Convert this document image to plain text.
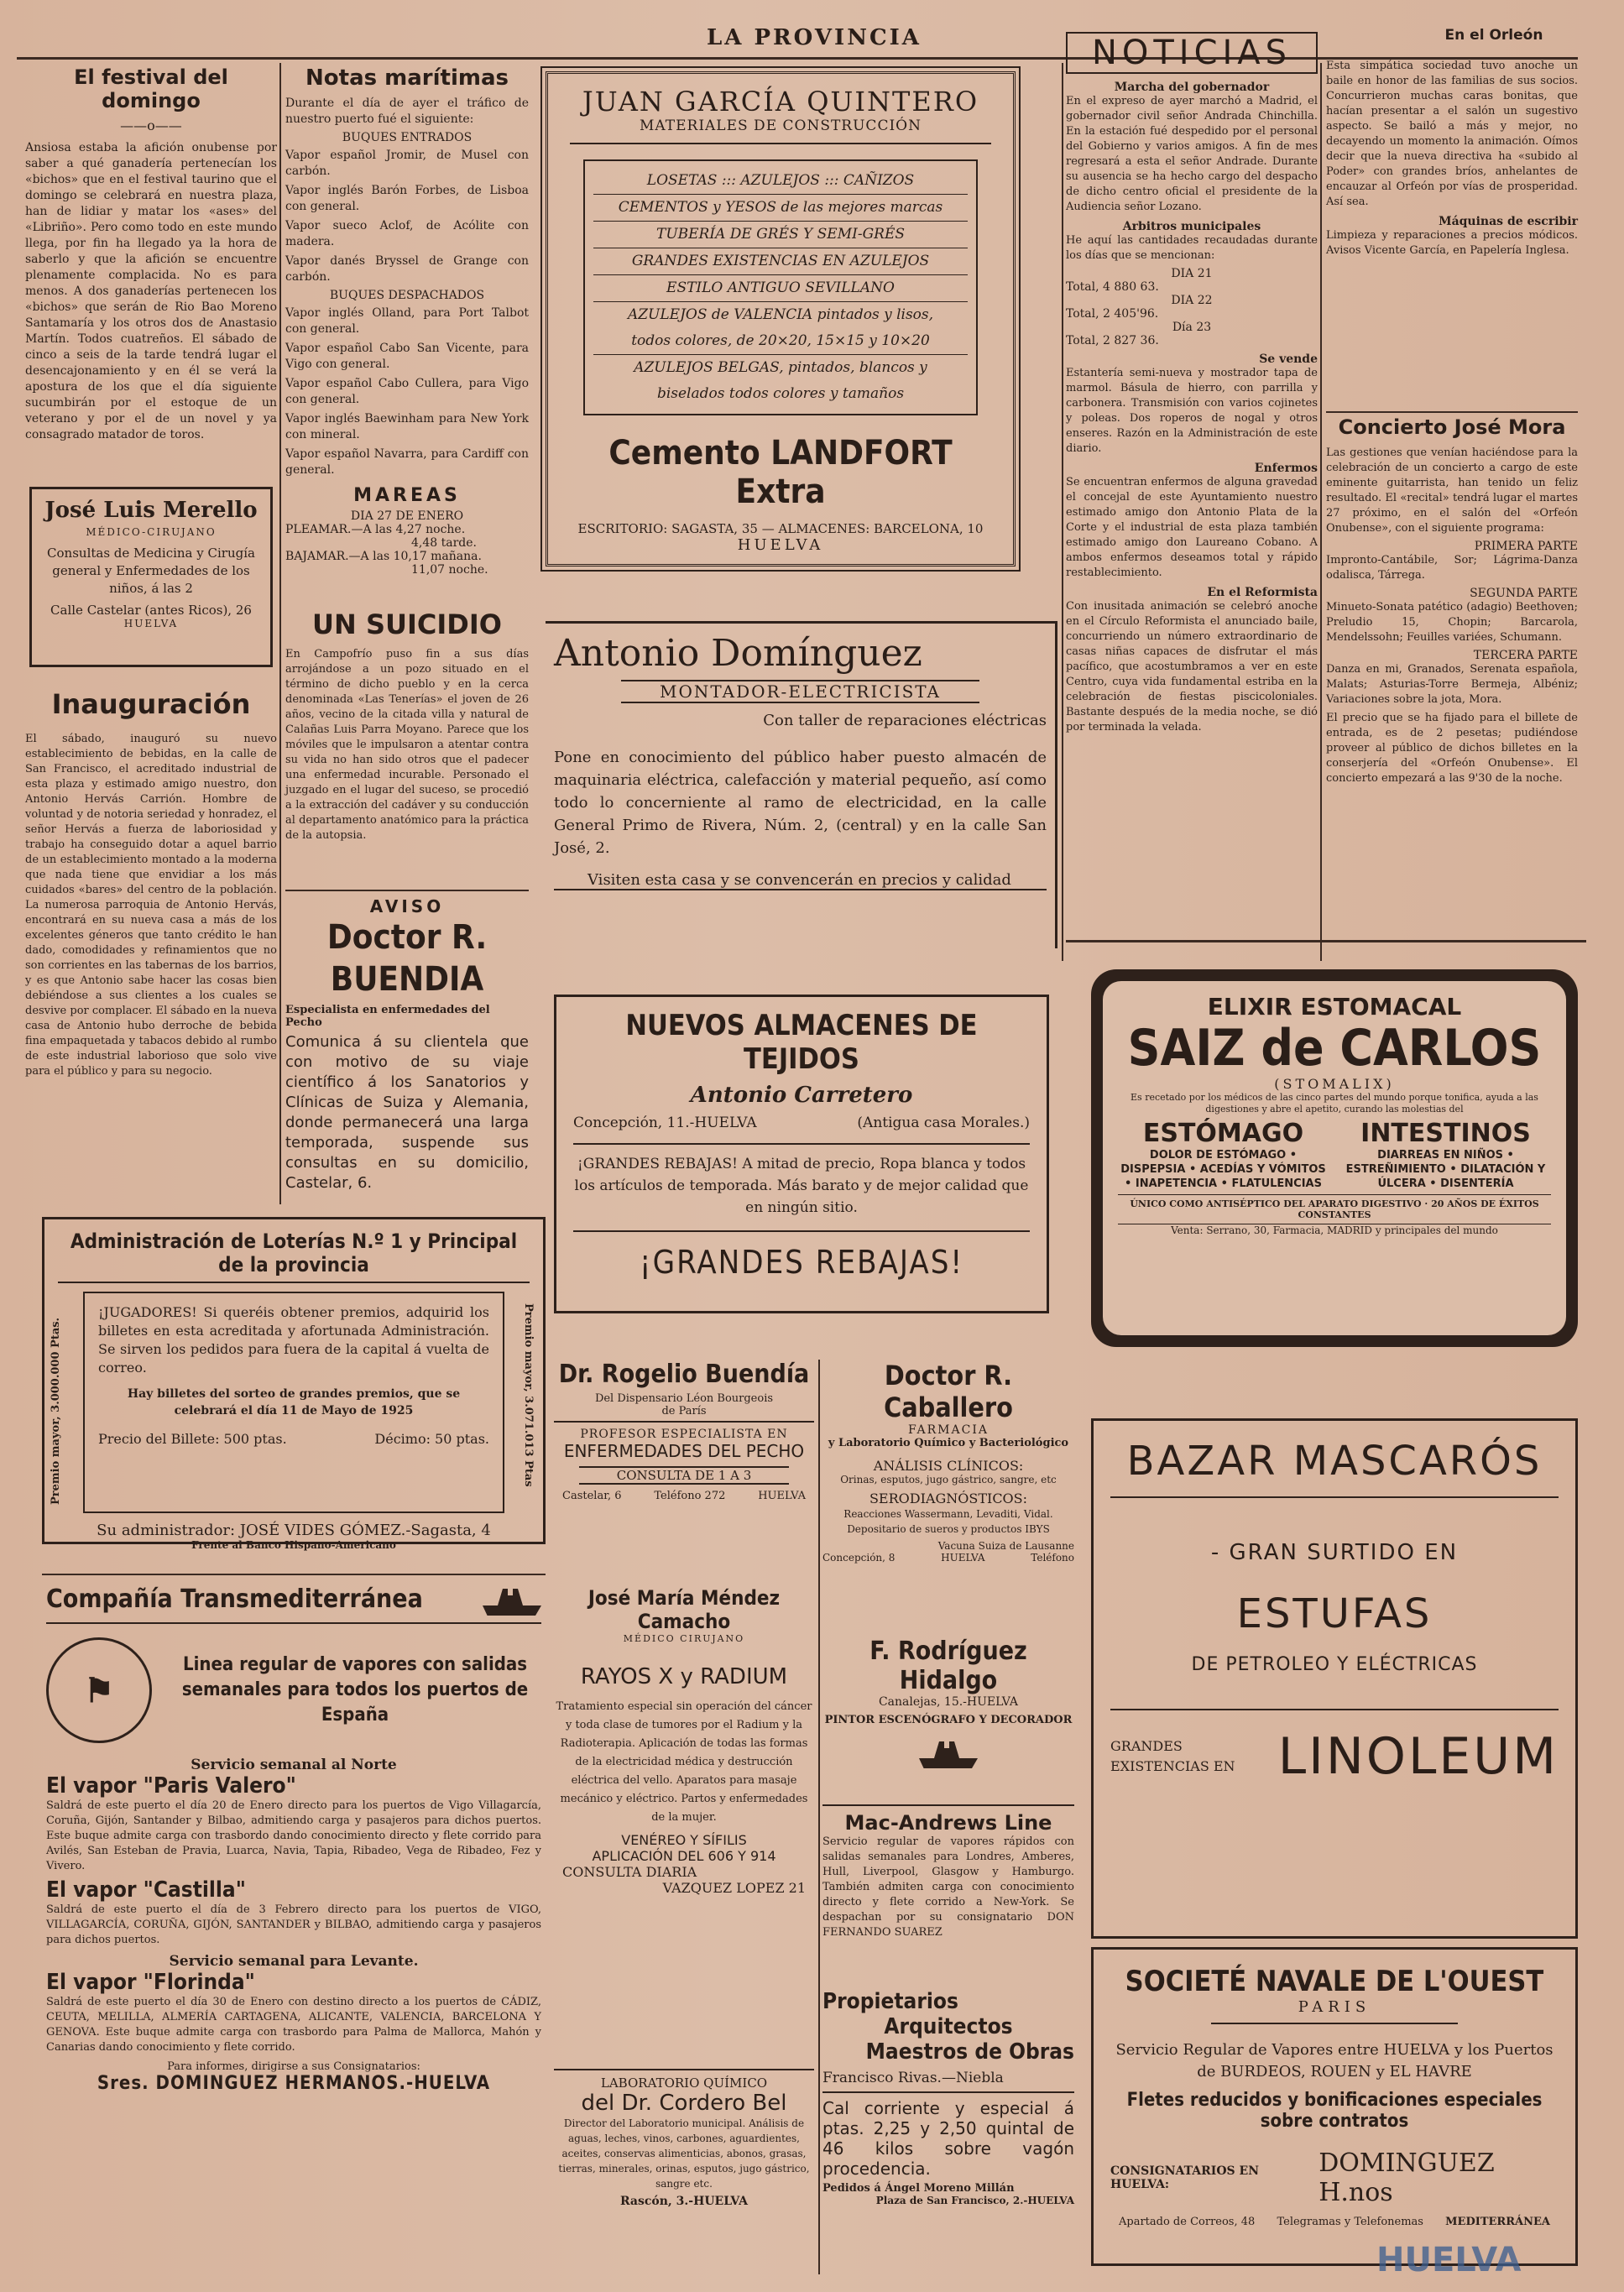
LA PROVINCIA	En el Orleón
El festival del domingo
——o——

Ansiosa estaba la afición onubense por saber a qué ganadería pertenecían los «bichos» que en el festival taurino que el domingo se celebrará en nuestra plaza, han de lidiar y matar los «ases» del «Libriño». Pero como todo en este mundo llega, por fin ha llegado ya la hora de saberlo y que la afición se encuentre plenamente complacida. No es para menos. A dos ganaderías pertenecen los «bichos» que serán de Rio Bao Moreno Santamaría y los otros dos de Anastasio Martín. Todos cuatreños. El sábado de cinco a seis de la tarde tendrá lugar el desencajonamiento y en él se verá la apostura de los que el día siguiente sucumbirán por el estoque de un veterano y por el de un novel y ya consagrado matador de toros.

José Luis Merello
MÉDICO-CIRUJANO

Consultas de Medicina y Cirugía general y Enfermedades de los niños, á las 2

Calle Castelar (antes Ricos), 26
HUELVA
Inauguración

El sábado, inauguró su nuevo establecimiento de bebidas, en la calle de San Francisco, el acreditado industrial de esta plaza y estimado amigo nuestro, don Antonio Hervás Carrión. Hombre de voluntad y de notoria seriedad y honradez, el señor Hervás a fuerza de laboriosidad y trabajo ha conseguido dotar a aquel barrio de un establecimiento montado a la moderna que nada tiene que envidiar a los más cuidados «bares» del centro de la población. La numerosa parroquia de Antonio Hervás, encontrará en su nueva casa a más de los excelentes géneros que tanto crédito le han dado, comodidades y refinamientos que no son corrientes en las tabernas de los barrios, y es que Antonio sabe hacer las cosas bien debiéndose a sus clientes a los cuales se desvive por complacer. El sábado en la nueva casa de Antonio hubo derroche de bebida fina empaquetada y tabacos debido al rumbo de este industrial laborioso que solo vive para el público y para su negocio.

Notas marítimas

Durante el día de ayer el tráfico de nuestro puerto fué el siguiente:

BUQUES ENTRADOS

Vapor español Jromir, de Musel con carbón.

Vapor inglés Barón Forbes, de Lisboa con general.

Vapor sueco Aclof, de Acólite con madera.

Vapor danés Bryssel de Grange con carbón.

BUQUES DESPACHADOS

Vapor inglés Olland, para Port Talbot con general.

Vapor español Cabo San Vicente, para Vigo con general.

Vapor español Cabo Cullera, para Vigo con general.

Vapor inglés Baewinham para New York con mineral.

Vapor español Navarra, para Cardiff con general.

MAREAS
DIA 27 DE ENERO
PLEAMAR.—A las 4,27 noche.
4,48 tarde.
BAJAMAR.—A las 10,17 mañana.
11,07 noche.
UN SUICIDIO

En Campofrío puso fin a sus días arrojándose a un pozo situado en el término de dicho pueblo y en la cerca denominada «Las Tenerías» el joven de 26 años, vecino de la citada villa y natural de Calañas Luis Parra Moyano. Parece que los móviles que le impulsaron a atentar contra su vida no han sido otros que el padecer una enfermedad incurable. Personado el juzgado en el lugar del suceso, se procedió a la extracción del cadáver y su conducción al departamento anatómico para la práctica de la autopsia.

AVISO
Doctor R. BUENDIA
Especialista en enfermedades del Pecho

Comunica á su clientela que con motivo de su viaje científico á los Sanatorios y Clínicas de Suiza y Alemania, donde permanecerá una larga temporada, suspende sus consultas en su domicilio, Castelar, 6.

Administración de Loterías N.º 1 y Principal de la provincia

¡JUGADORES! Si queréis obtener premios, adquirid los billetes en esta acreditada y afortunada Administración. Se sirven los pedidos para fuera de la capital á vuelta de correo.

Hay billetes del sorteo de grandes premios, que se celebrará el día 11 de Mayo de 1925

Precio del Billete: 500 ptas.	Décimo: 50 ptas.
Premio mayor, 3.000.000 Ptas.	Premio mayor, 3.071.013 Ptas
Su administrador: JOSÉ VIDES GÓMEZ.-Sagasta, 4
Frente al Banco Hispano-Americano
Compañía Transmediterránea
⚑
Linea regular de vapores con salidas semanales para todos los puertos de España
Servicio semanal al Norte
El vapor "Paris Valero"

Saldrá de este puerto el día 20 de Enero directo para los puertos de Vigo Villagarcía, Coruña, Gijón, Santander y Bilbao, admitiendo carga y pasajeros para dichos puertos. Este buque admite carga con trasbordo dando conocimiento directo y flete corrido para Avilés, San Esteban de Pravia, Luarca, Navia, Tapia, Ribadeo, Vega de Ribadeo, Fez y Vivero.

El vapor "Castilla"

Saldrá de este puerto el día de 3 Febrero directo para los puertos de VIGO, VILLAGARCÍA, CORUÑA, GIJÓN, SANTANDER y BILBAO, admitiendo carga y pasajeros para dichos puertos.

Servicio semanal para Levante.
El vapor "Florinda"

Saldrá de este puerto el día 30 de Enero con destino directo a los puertos de CÁDIZ, CEUTA, MELILLA, ALMERÍA CARTAGENA, ALICANTE, VALENCIA, BARCELONA Y GENOVA. Este buque admite carga con trasbordo para Palma de Mallorca, Mahón y Canarias dando conocimiento y flete corrido.

Para informes, dirigirse a sus Consignatarios:
Sres. DOMINGUEZ HERMANOS.-HUELVA
JUAN GARCÍA QUINTERO
MATERIALES DE CONSTRUCCIÓN
LOSETAS ::: AZULEJOS ::: CAÑIZOS
CEMENTOS y YESOS de las mejores marcas
TUBERÍA DE GRÉS Y SEMI-GRÉS
GRANDES EXISTENCIAS EN AZULEJOS
ESTILO ANTIGUO SEVILLANO
AZULEJOS de VALENCIA pintados y lisos,
todos colores, de 20×20, 15×15 y 10×20
AZULEJOS BELGAS, pintados, blancos y
biselados todos colores y tamaños
Cemento LANDFORT Extra
ESCRITORIO: SAGASTA, 35 — ALMACENES: BARCELONA, 10
HUELVA
Antonio Domínguez
MONTADOR-ELECTRICISTA
Con taller de reparaciones eléctricas

Pone en conocimiento del público haber puesto almacén de maquinaria eléctrica, calefacción y material pequeño, así como todo lo concerniente al ramo de electricidad, en la calle General Primo de Rivera, Núm. 2, (central) y en la calle San José, 2.

Visiten esta casa y se convencerán en precios y calidad
NUEVOS ALMACENES DE TEJIDOS
Antonio Carretero
Concepción, 11.-HUELVA	(Antigua casa Morales.)

¡GRANDES REBAJAS! A mitad de precio, Ropa blanca y todos los artículos de temporada. Más barato y de mejor calidad que en ningún sitio.

¡GRANDES REBAJAS!
Dr. Rogelio Buendía
Del Dispensario Léon Bourgeois de París
PROFESOR ESPECIALISTA EN
ENFERMEDADES DEL PECHO
CONSULTA DE 1 A 3
Castelar, 6	Teléfono 272	HUELVA
José María Méndez Camacho
MÉDICO CIRUJANO
RAYOS X y RADIUM

Tratamiento especial sin operación del cáncer y toda clase de tumores por el Radium y la Radioterapia. Aplicación de todas las formas de la electricidad médica y destrucción eléctrica del vello. Aparatos para masaje mecánico y eléctrico. Partos y enfermedades de la mujer.

VENÉREO Y SÍFILIS
APLICACIÓN DEL 606 Y 914
CONSULTA DIARIA
VAZQUEZ LOPEZ 21
LABORATORIO QUÍMICO
del Dr. Cordero Bel

Director del Laboratorio municipal. Análisis de aguas, leches, vinos, carbones, aguardientes, aceites, conservas alimenticias, abonos, grasas, tierras, minerales, orinas, esputos, jugo gástrico, sangre etc.

Rascón, 3.-HUELVA
Doctor R. Caballero
FARMACIA
y Laboratorio Químico y Bacteriológico
ANÁLISIS CLÍNICOS:
Orinas, esputos, jugo gástrico, sangre, etc
SERODIAGNÓSTICOS:

Reacciones Wassermann, Levaditi, Vidal. Depositario de sueros y productos IBYS

Vacuna Suiza de Lausanne
Concepción, 8	HUELVA	Teléfono
F. Rodríguez Hidalgo
Canalejas, 15.-HUELVA
PINTOR ESCENÓGRAFO Y DECORADOR
Mac-Andrews Line

Servicio regular de vapores rápidos con salidas semanales para Londres, Amberes, Hull, Liverpool, Glasgow y Hamburgo. También admiten carga con conocimiento directo y flete corrido a New-York. Se despachan por su consignatario DON FERNANDO SUAREZ

Propietarios
Arquitectos
Maestros de Obras
Francisco Rivas.—Niebla

Cal corriente y especial á ptas. 2,25 y 2,50 quintal de 46 kilos sobre vagón procedencia.

Pedidos á Ángel Moreno Millán
Plaza de San Francisco, 2.-HUELVA
NOTICIAS
Marcha del gobernador

En el expreso de ayer marchó a Madrid, el gobernador civil señor Andrada Chinchilla. En la estación fué despedido por el personal del Gobierno y varios amigos. A fin de mes regresará a esta el señor Andrade. Durante su ausencia se ha hecho cargo del despacho de dicho centro oficial el presidente de la Audiencia señor Lozano.

Arbitros municipales

He aquí las cantidades recaudadas durante los días que se mencionan:

DIA 21
Total, 4 880 63.
DIA 22
Total, 2 405'96.
Día 23
Total, 2 827 36.
Se vende

Estantería semi-nueva y mostrador tapa de marmol. Básula de hierro, con parrilla y carbonera. Transmisión con varios cojinetes y poleas. Dos roperos de nogal y otros enseres. Razón en la Administración de este diario.

Enfermos

Se encuentran enfermos de alguna gravedad el concejal de este Ayuntamiento nuestro estimado amigo don Antonio Plata de la Corte y el industrial de esta plaza también estimado amigo don Laureano Cobano. A ambos enfermos deseamos total y rápido restablecimiento.

En el Reformista

Con inusitada animación se celebró anoche en el Círculo Reformista el anunciado baile, concurriendo un número extraordinario de casas niñas capaces de disfrutar el más pacífico, que acostumbramos a ver en este Centro, cuya vida fundamental estriba en la celebración de fiestas piscicoloniales. Bastante después de la media noche, se dió por terminada la velada.

Esta simpática sociedad tuvo anoche un baile en honor de las familias de sus socios. Concurrieron muchas caras bonitas, que hacían presentar a el salón un sugestivo aspecto. Se bailó a más y mejor, no decayendo un momento la animación. Oímos decir que la nueva directiva ha «subido al Poder» con grandes bríos, anhelantes de encauzar al Orfeón por vías de prosperidad. Así sea.

Máquinas de escribir

Limpieza y reparaciones a precios módicos. Avisos Vicente García, en Papelería Inglesa.

Concierto José Mora

Las gestiones que venían haciéndose para la celebración de un concierto a cargo de este eminente guitarrista, han tenido un feliz resultado. El «recital» tendrá lugar el martes 27 próximo, en el salón del «Orfeón Onubense», con el siguiente programa:

PRIMERA PARTE

Impronto-Cantábile, Sor; Lágrima-Danza odalisca, Tárrega.

SEGUNDA PARTE

Minueto-Sonata patético (adagio) Beethoven; Preludio 15, Chopin; Barcarola, Mendelssohn; Feuilles variées, Schumann.

TERCERA PARTE

Danza en mi, Granados, Serenata española, Malats; Asturias-Torre Bermeja, Albéniz; Variaciones sobre la jota, Mora.

El precio que se ha fijado para el billete de entrada, es de 2 pesetas; pudiéndose proveer al público de dichos billetes en la conserjería del «Orfeón Onubense». El concierto empezará a las 9'30 de la noche.

ELIXIR ESTOMACAL
SAIZ de CARLOS
(STOMALIX)

Es recetado por los médicos de las cinco partes del mundo porque tonifica, ayuda a las digestiones y abre el apetito, curando las molestias del

ESTÓMAGO

DOLOR DE ESTÓMAGO • DISPEPSIA • ACEDÍAS Y VÓMITOS • INAPETENCIA • FLATULENCIAS

INTESTINOS

DIARREAS EN NIÑOS • ESTREÑIMIENTO • DILATACIÓN Y ÚLCERA • DISENTERÍA

ÚNICO COMO ANTISÉPTICO DEL APARATO DIGESTIVO · 20 AÑOS DE ÉXITOS CONSTANTES
Venta: Serrano, 30, Farmacia, MADRID y principales del mundo
BAZAR MASCARÓS
- GRAN SURTIDO EN
ESTUFAS
DE PETROLEO Y ELÉCTRICAS
GRANDES EXISTENCIAS EN LINOLEUM
SOCIETÉ NAVALE DE L'OUEST
PARIS

Servicio Regular de Vapores entre HUELVA y los Puertos de BURDEOS, ROUEN y EL HAVRE

Fletes reducidos y bonificaciones especiales sobre contratos
CONSIGNATARIOS EN HUELVA:
DOMINGUEZ H.nos
Apartado de Correos, 48 Telegramas y Telefonemas MEDITERRÁNEA
HUELVA
